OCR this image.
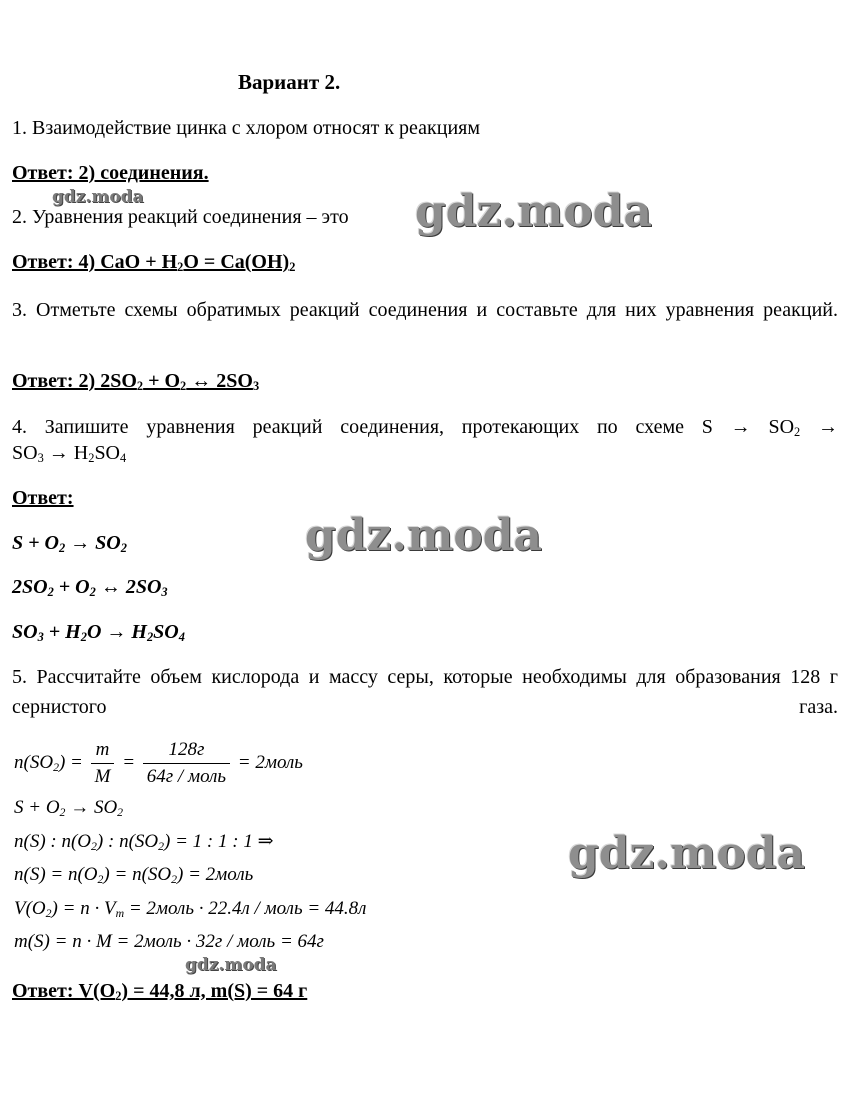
Вариант 2.
1. Взаимодействие цинка с хлором относят к реакциям
Ответ: 2) соединения.
gdz.moda
2. Уравнения реакций соединения – это gdz.moda
Ответ: 4) CaO + $H_2O = Ca(OH)_2$
3. Отметьте схемы обратимых реакций соединения и составьте для них уравнения реакций.
Ответ: 2) $2SO_2 + O_2$ ↔ $2SO_3$
4. Запишите уравнения реакций соединения, протекающих по схеме $S \to SO_2$ →
$SO_3 \to H_2SO_4$
Ответ:
$S + O_2 \to SO_2$	gdz.moda
$2SO_2 + O_2$ ↔ $2SO_3$
$SO_3 + H_2O \to H_2SO_4$
5. Рассчитайте объем кислорода и массу серы, которые необходимы для образования 128 г сернистого газа.
$n(SO_2) = \frac{m}{M} = \frac{128г}{\text{64г / моль}}$ = 2моль
$S + O_2 \to SO_2$
n(S) : $n(O_2)$ : $n(SO_2) = 1$ : 1 : 1 ⇒	gdz.moda
$n(S) = n(O_2) = n(SO_2)$ = 2моль
$V(O_2) = n \cdot V_m$ = 2моль · 22.4л / моль = 44.8л
m(S) = n · M = 2моль · 32г / моль = 64г
gdz.moda
Ответ: $V(O_2) = 44,8$ л, m(S) = 64 г
